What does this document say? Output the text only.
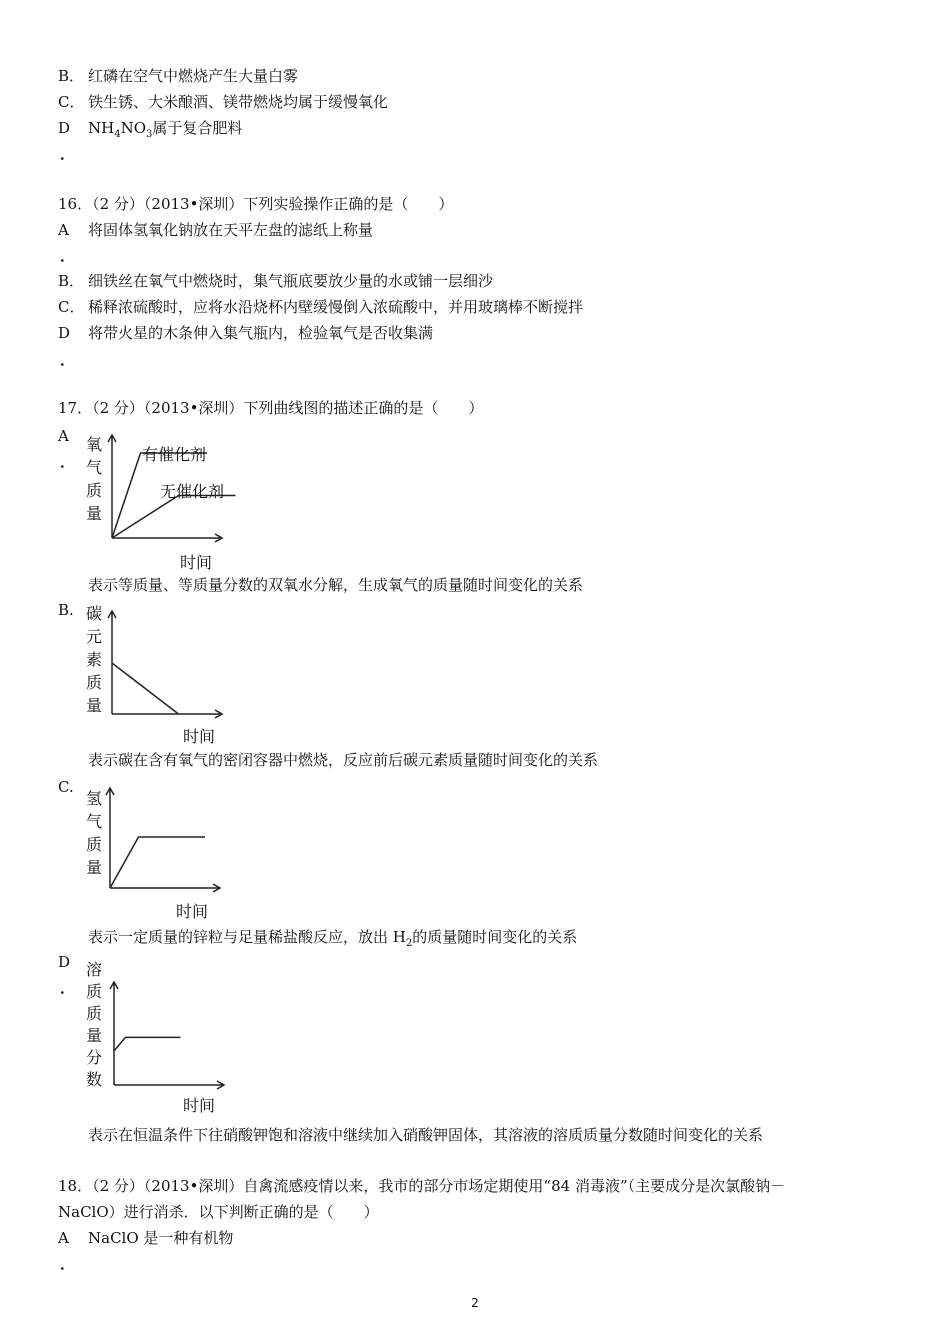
B． 红磷在空气中燃烧产生大量白雾
C． 铁生锈、大米酿酒、镁带燃烧均属于缓慢氧化
D $NH_4NO_3$属于复合肥料
．
16．（2 分）（2013•深圳）下列实验操作正确的是（　　）
A 将固体氢氧化钠放在天平左盘的滤纸上称量
．
B． 细铁丝在氧气中燃烧时，集气瓶底要放少量的水或铺一层细沙
C． 稀释浓硫酸时，应将水沿烧杯内壁缓慢倒入浓硫酸中，并用玻璃棒不断搅拌
D 将带火星的木条伸入集气瓶内，检验氧气是否收集满
．
17．（2 分）（2013•深圳）下列曲线图的描述正确的是（　　）
A
．
氧
气
质
量
时间
有催化剂
无催化剂
表示等质量、等质量分数的双氧水分解，生成氧气的质量随时间变化的关系
B. 碳
元
素
质
量
时间
表示碳在含有氧气的密闭容器中燃烧，反应前后碳元素质量随时间变化的关系
C.
氢
气
质
量
时间
表示一定质量的锌粒与足量稀盐酸反应，放出 $H_2$的质量随时间变化的关系
D
．
溶
质
质
量
分
数
时间
表示在恒温条件下往硝酸钾饱和溶液中继续加入硝酸钾固体，其溶液的溶质质量分数随时间变化的关系
18．（2 分）（2013•深圳）自禽流感疫情以来，我市的部分市场定期使用“84 消毒液”（主要成分是次氯酸钠－
NaClO）进行消杀．以下判断正确的是（　　）
A NaClO 是一种有机物
．
2
